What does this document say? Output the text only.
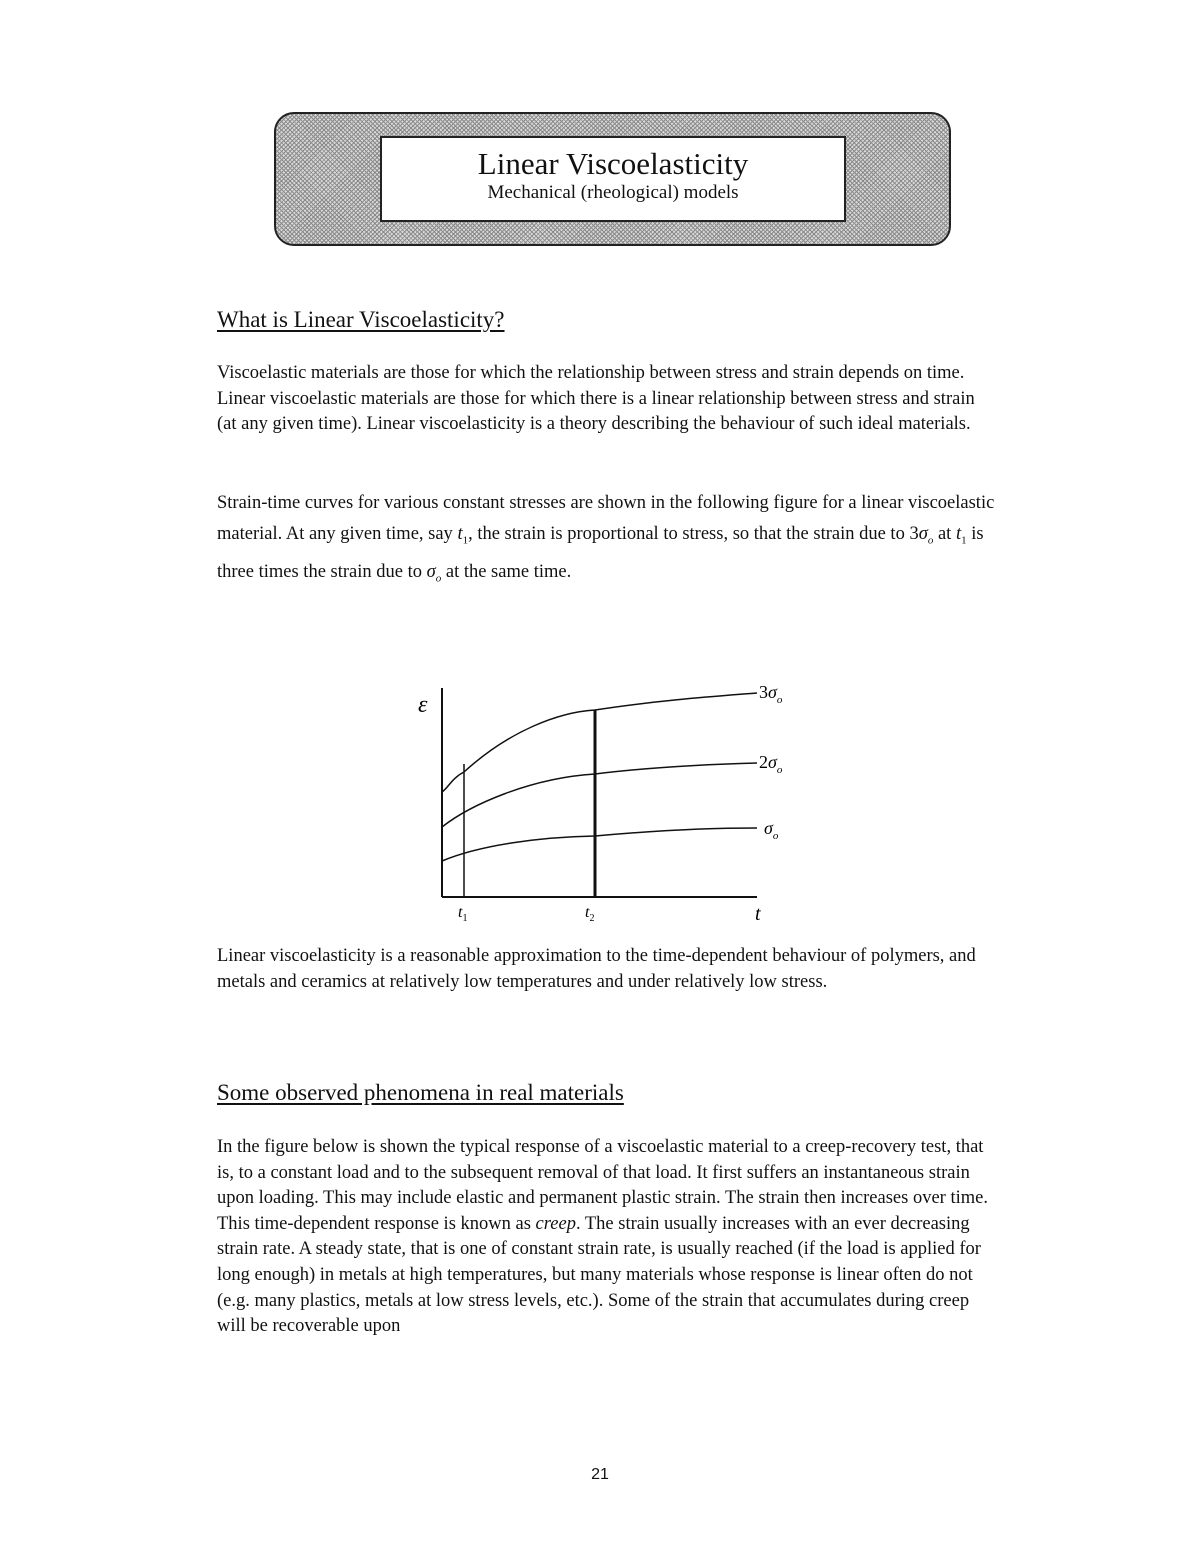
Linear Viscoelasticity
Mechanical (rheological) models
What is Linear Viscoelasticity?
Viscoelastic materials are those for which the relationship between stress and strain depends on time. Linear viscoelastic materials are those for which there is a linear relationship between stress and strain (at any given time). Linear viscoelasticity is a theory describing the behaviour of such ideal materials.
Strain-time curves for various constant stresses are shown in the following figure for a linear viscoelastic material. At any given time, say $t_1$, the strain is proportional to stress, so that the strain due to $3\sigma_o$ at $t_1$ is three times the strain due to $\sigma_o$ at the same time.
ε
t
$t_1$	$t_2$
$3\sigma_o$
$2\sigma_o$
$\sigma_o$
Linear viscoelasticity is a reasonable approximation to the time-dependent behaviour of polymers, and metals and ceramics at relatively low temperatures and under relatively low stress.
Some observed phenomena in real materials
In the figure below is shown the typical response of a viscoelastic material to a creep-recovery test, that is, to a constant load and to the subsequent removal of that load. It first suffers an instantaneous strain upon loading. This may include elastic and permanent plastic strain. The strain then increases over time. This time-dependent response is known as creep. The strain usually increases with an ever decreasing strain rate. A steady state, that is one of constant strain rate, is usually reached (if the load is applied for long enough) in metals at high temperatures, but many materials whose response is linear often do not (e.g. many plastics, metals at low stress levels, etc.). Some of the strain that accumulates during creep will be recoverable upon
21
